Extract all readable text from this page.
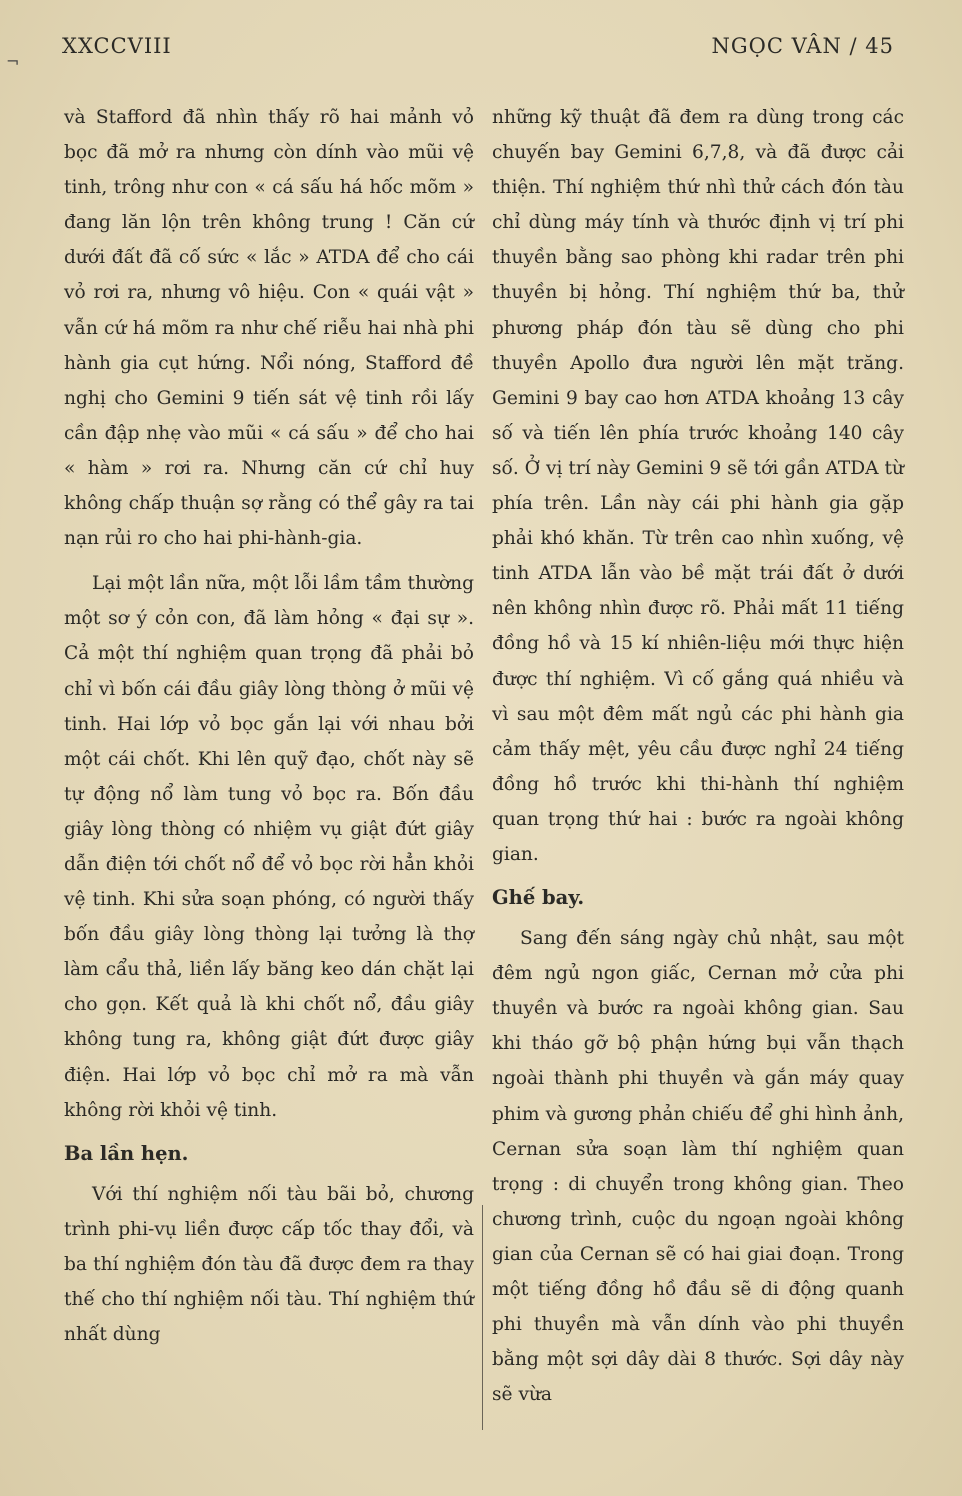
XXCCVIII	NGỌC VÂN / 45
¬

và Stafford đã nhìn thấy rõ hai mảnh vỏ bọc đã mở ra nhưng còn dính vào mũi vệ tinh, trông như con « cá sấu há hốc mõm » đang lăn lộn trên không trung ! Căn cứ dưới đất đã cố sức « lắc » ATDA để cho cái vỏ rơi ra, nhưng vô hiệu. Con « quái vật » vẫn cứ há mõm ra như chế riễu hai nhà phi hành gia cụt hứng. Nổi nóng, Stafford đề nghị cho Gemini 9 tiến sát vệ tinh rồi lấy cần đập nhẹ vào mũi « cá sấu » để cho hai « hàm » rơi ra. Nhưng căn cứ chỉ huy không chấp thuận sợ rằng có thể gây ra tai nạn rủi ro cho hai phi-hành-gia.

Lại một lần nữa, một lỗi lầm tầm thường một sơ ý cỏn con, đã làm hỏng « đại sự ». Cả một thí nghiệm quan trọng đã phải bỏ chỉ vì bốn cái đầu giây lòng thòng ở mũi vệ tinh. Hai lớp vỏ bọc gắn lại với nhau bởi một cái chốt. Khi lên quỹ đạo, chốt này sẽ tự động nổ làm tung vỏ bọc ra. Bốn đầu giây lòng thòng có nhiệm vụ giật đứt giây dẫn điện tới chốt nổ để vỏ bọc rời hẳn khỏi vệ tinh. Khi sửa soạn phóng, có người thấy bốn đầu giây lòng thòng lại tưởng là thợ làm cẩu thả, liền lấy băng keo dán chặt lại cho gọn. Kết quả là khi chốt nổ, đầu giây không tung ra, không giật đứt được giây điện. Hai lớp vỏ bọc chỉ mở ra mà vẫn không rời khỏi vệ tinh.

Ba lần hẹn.

Với thí nghiệm nối tàu bãi bỏ, chương trình phi-vụ liền được cấp tốc thay đổi, và ba thí nghiệm đón tàu đã được đem ra thay thế cho thí nghiệm nối tàu. Thí nghiệm thứ nhất dùng

những kỹ thuật đã đem ra dùng trong các chuyến bay Gemini 6,7,8, và đã được cải thiện. Thí nghiệm thứ nhì thử cách đón tàu chỉ dùng máy tính và thước định vị trí phi thuyền bằng sao phòng khi radar trên phi thuyền bị hỏng. Thí nghiệm thứ ba, thử phương pháp đón tàu sẽ dùng cho phi thuyền Apollo đưa người lên mặt trăng. Gemini 9 bay cao hơn ATDA khoảng 13 cây số và tiến lên phía trước khoảng 140 cây số. Ở vị trí này Gemini 9 sẽ tới gần ATDA từ phía trên. Lần này cái phi hành gia gặp phải khó khăn. Từ trên cao nhìn xuống, vệ tinh ATDA lẫn vào bề mặt trái đất ở dưới nên không nhìn được rõ. Phải mất 11 tiếng đồng hồ và 15 kí nhiên-liệu mới thực hiện được thí nghiệm. Vì cố gắng quá nhiều và vì sau một đêm mất ngủ các phi hành gia cảm thấy mệt, yêu cầu được nghỉ 24 tiếng đồng hồ trước khi thi-hành thí nghiệm quan trọng thứ hai : bước ra ngoài không gian.

Ghế bay.

Sang đến sáng ngày chủ nhật, sau một đêm ngủ ngon giấc, Cernan mở cửa phi thuyền và bước ra ngoài không gian. Sau khi tháo gỡ bộ phận hứng bụi vẫn thạch ngoài thành phi thuyền và gắn máy quay phim và gương phản chiếu để ghi hình ảnh, Cernan sửa soạn làm thí nghiệm quan trọng : di chuyển trong không gian. Theo chương trình, cuộc du ngoạn ngoài không gian của Cernan sẽ có hai giai đoạn. Trong một tiếng đồng hồ đầu sẽ di động quanh phi thuyền mà vẫn dính vào phi thuyền bằng một sợi dây dài 8 thước. Sợi dây này sẽ vừa
